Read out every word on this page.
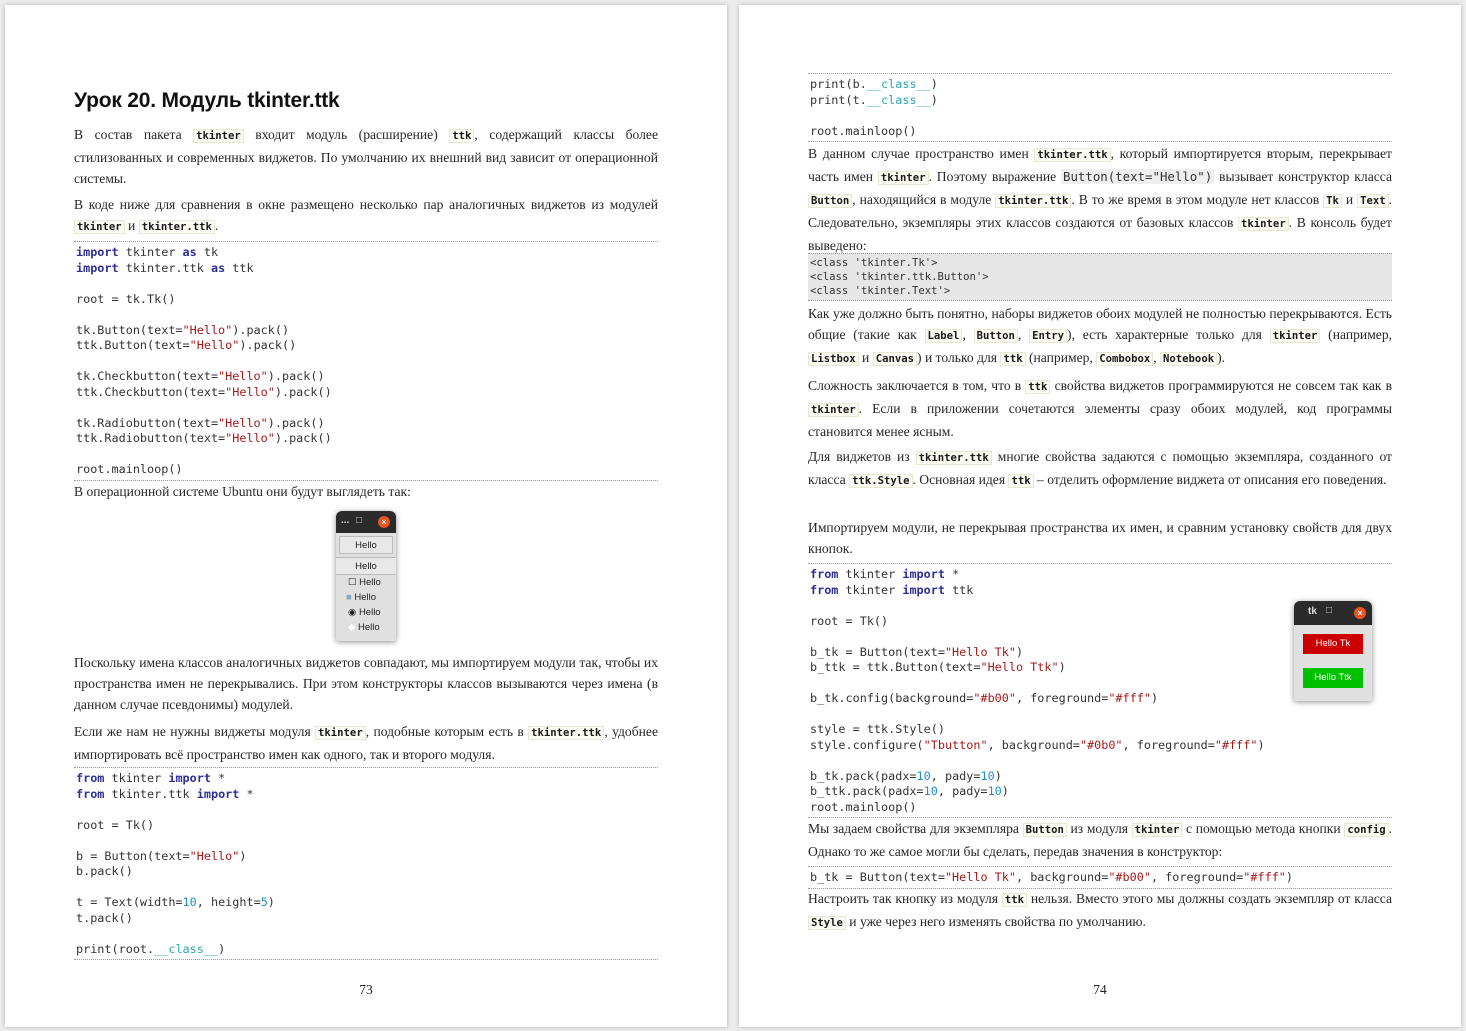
Урок 20. Модуль tkinter.ttk

В состав пакета tkinter входит модуль (расширение) ttk , содержащий классы более стилизованных и современных виджетов. По умолчанию их внешний вид зависит от операционной системы.

В коде ниже для сравнения в окне размещено несколько пар аналогичных виджетов из модулей tkinter и tkinter.ttk .

import tkinter as tk
import tkinter.ttk as ttk

root = tk.Tk()

tk.Button(text="Hello").pack()
ttk.Button(text="Hello").pack()

tk.Checkbutton(text="Hello").pack()
ttk.Checkbutton(text="Hello").pack()

tk.Radiobutton(text="Hello").pack()
ttk.Radiobutton(text="Hello").pack()

root.mainloop()

В операционной системе Ubuntu они будут выглядеть так:

... □	×
Hello
Hello
☐ Hello
■ Hello
◉ Hello
◆ Hello

Поскольку имена классов аналогичных виджетов совпадают, мы импортируем модули так, чтобы их пространства имен не перекрывались. При этом конструкторы классов вызываются через имена (в данном случае псевдонимы) модулей.

Если же нам не нужны виджеты модуля tkinter , подобные которым есть в tkinter.ttk , удобнее импортировать всё пространство имен как одного, так и второго модуля.

from tkinter import *
from tkinter.ttk import *

root = Tk()

b = Button(text="Hello")
b.pack()

t = Text(width=10, height=5)
t.pack()

print(root.__class__)
73
print(b.__class__)
print(t.__class__)

root.mainloop()

В данном случае пространство имен tkinter.ttk , который импортируется вторым, перекрывает часть имен tkinter . Поэтому выражение Button(text="Hello") вызывает конструктор класса Button , находящийся в модуле tkinter.ttk . В то же время в этом модуле нет классов Tk и Text . Следовательно, экземпляры этих классов создаются от базовых классов tkinter . В консоль будет выведено:

<class 'tkinter.Tk'>
<class 'tkinter.ttk.Button'>
<class 'tkinter.Text'>

Как уже должно быть понятно, наборы виджетов обоих модулей не полностью перекрываются. Есть общие (такие как Label , Button , Entry ), есть характерные только для tkinter (например, Listbox и Canvas ) и только для ttk (например, Combobox , Notebook ).

Сложность заключается в том, что в ttk свойства виджетов программируются не совсем так как в tkinter . Если в приложении сочетаются элементы сразу обоих модулей, код программы становится менее ясным.

Для виджетов из tkinter.ttk многие свойства задаются с помощью экземпляра, созданного от класса ttk.Style . Основная идея ttk – отделить оформление виджета от описания его поведения.

Импортируем модули, не перекрывая пространства их имен, и сравним установку свойств для двух кнопок.

from tkinter import *
from tkinter import ttk

root = Tk()

b_tk = Button(text="Hello Tk")
b_ttk = ttk.Button(text="Hello Ttk")

b_tk.config(background="#b00", foreground="#fff")

style = ttk.Style()
style.configure("Tbutton", background="#0b0", foreground="#fff")

b_tk.pack(padx=10, pady=10)
b_ttk.pack(padx=10, pady=10)
root.mainloop()
tk □	×
Hello Tk
Hello Ttk

Мы задаем свойства для экземпляра Button из модуля tkinter с помощью метода кнопки config . Однако то же самое могли бы сделать, передав значения в конструктор:

b_tk = Button(text="Hello Tk", background="#b00", foreground="#fff")

Настроить так кнопку из модуля ttk нельзя. Вместо этого мы должны создать экземпляр от класса Style и уже через него изменять свойства по умолчанию.

74
